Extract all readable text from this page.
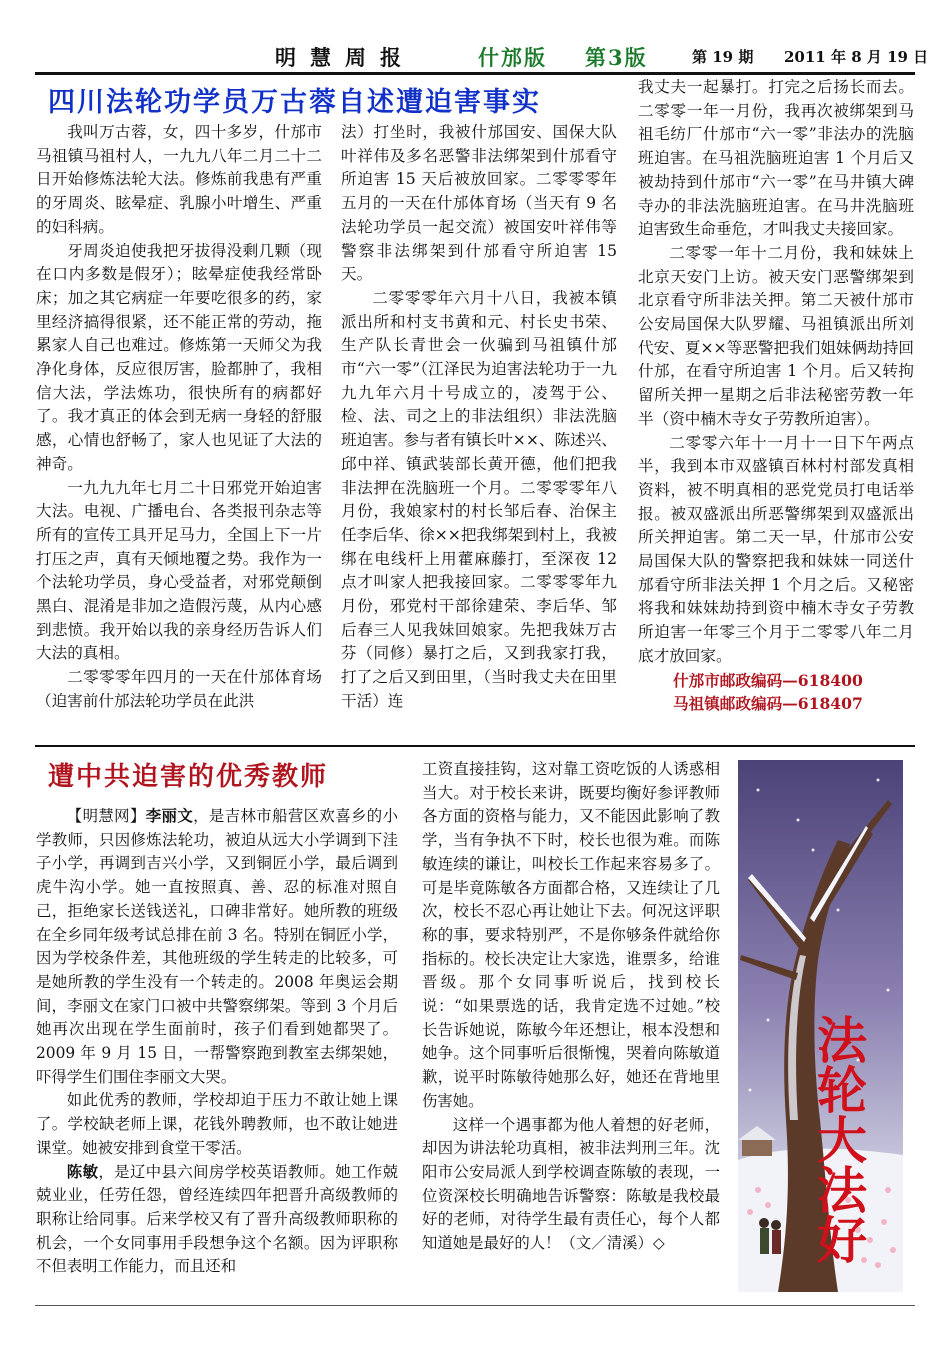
明慧周报	什邡版 第3版	第 19 期 2011 年 8 月 19 日
四川法轮功学员万古蓉自述遭迫害事实

我叫万古蓉，女，四十多岁，什邡市马祖镇马祖村人，一九九八年二月二十二日开始修炼法轮大法。修炼前我患有严重的牙周炎、眩晕症、乳腺小叶增生、严重的妇科病。

牙周炎迫使我把牙拔得没剩几颗（现在口内多数是假牙）；眩晕症使我经常卧床；加之其它病症一年要吃很多的药，家里经济搞得很紧，还不能正常的劳动，拖累家人自己也难过。修炼第一天师父为我净化身体，反应很厉害，脸都肿了，我相信大法，学法炼功，很快所有的病都好了。我才真正的体会到无病一身轻的舒服感，心情也舒畅了，家人也见证了大法的神奇。

一九九九年七月二十日邪党开始迫害大法。电视、广播电台、各类报刊杂志等所有的宣传工具开足马力，全国上下一片打压之声，真有天倾地覆之势。我作为一个法轮功学员，身心受益者，对邪党颠倒黑白、混淆是非加之造假污蔑，从内心感到悲愤。我开始以我的亲身经历告诉人们大法的真相。

二零零零年四月的一天在什邡体育场（迫害前什邡法轮功学员在此洪

法）打坐时，我被什邡国安、国保大队叶祥伟及多名恶警非法绑架到什邡看守所迫害 15 天后被放回家。二零零零年五月的一天在什邡体育场（当天有 9 名法轮功学员一起交流）被国安叶祥伟等警察非法绑架到什邡看守所迫害 15 天。

二零零零年六月十八日，我被本镇派出所和村支书黄和元、村长史书荣、生产队长青世会一伙骗到马祖镇什邡市“六一零”（江泽民为迫害法轮功于一九九九年六月十号成立的，凌驾于公、检、法、司之上的非法组织）非法洗脑班迫害。参与者有镇长叶××、陈述兴、邱中祥、镇武装部长黄开德，他们把我非法押在洗脑班一个月。二零零零年八月份，我娘家村的村长邹后春、治保主任李后华、徐××把我绑架到村上，我被绑在电线杆上用藿麻藤打，至深夜 12 点才叫家人把我接回家。二零零零年九月份，邪党村干部徐建荣、李后华、邹后春三人见我妹回娘家。先把我妹万古芬（同修）暴打之后，又到我家打我，打了之后又到田里，（当时我丈夫在田里干活）连

我丈夫一起暴打。打完之后扬长而去。二零零一年一月份，我再次被绑架到马祖毛纺厂什邡市“六一零”非法办的洗脑班迫害。在马祖洗脑班迫害 1 个月后又被劫持到什邡市“六一零”在马井镇大碑寺办的非法洗脑班迫害。在马井洗脑班迫害致生命垂危，才叫我丈夫接回家。

二零零一年十二月份，我和妹妹上北京天安门上访。被天安门恶警绑架到北京看守所非法关押。第二天被什邡市公安局国保大队罗耀、马祖镇派出所刘代安、夏××等恶警把我们姐妹俩劫持回什邡，在看守所迫害 1 个月。后又转拘留所关押一星期之后非法秘密劳教一年半（资中楠木寺女子劳教所迫害）。

二零零六年十一月十一日下午两点半，我到本市双盛镇百林村村部发真相资料，被不明真相的恶党党员打电话举报。被双盛派出所恶警绑架到双盛派出所关押迫害。第二天一早，什邡市公安局国保大队的警察把我和妹妹一同送什邡看守所非法关押 1 个月之后。又秘密将我和妹妹劫持到资中楠木寺女子劳教所迫害一年零三个月于二零零八年二月底才放回家。

什邡市邮政编码—618400
马祖镇邮政编码—618407
遭中共迫害的优秀教师

【明慧网】李丽文，是吉林市船营区欢喜乡的小学教师，只因修炼法轮功，被迫从远大小学调到下洼子小学，再调到吉兴小学，又到铜匠小学，最后调到虎牛沟小学。她一直按照真、善、忍的标准对照自己，拒绝家长送钱送礼，口碑非常好。她所教的班级在全乡同年级考试总排在前 3 名。特别在铜匠小学，因为学校条件差，其他班级的学生转走的比较多，可是她所教的学生没有一个转走的。2008 年奥运会期间，李丽文在家门口被中共警察绑架。等到 3 个月后她再次出现在学生面前时，孩子们看到她都哭了。2009 年 9 月 15 日，一帮警察跑到教室去绑架她，吓得学生们围住李丽文大哭。

如此优秀的教师，学校却迫于压力不敢让她上课了。学校缺老师上课，花钱外聘教师，也不敢让她进课堂。她被安排到食堂干零活。

陈敏，是辽中县六间房学校英语教师。她工作兢兢业业，任劳任怨，曾经连续四年把晋升高级教师的职称让给同事。后来学校又有了晋升高级教师职称的机会，一个女同事用手段想争这个名额。因为评职称不但表明工作能力，而且还和

工资直接挂钩，这对靠工资吃饭的人诱惑相当大。对于校长来讲，既要均衡好参评教师各方面的资格与能力，又不能因此影响了教学，当有争执不下时，校长也很为难。而陈敏连续的谦让，叫校长工作起来容易多了。可是毕竟陈敏各方面都合格，又连续让了几次，校长不忍心再让她让下去。何况这评职称的事，要求特别严，不是你够条件就给你指标的。校长决定让大家选，谁票多，给谁晋级。那个女同事听说后，找到校长说：“如果票选的话，我肯定选不过她。”校长告诉她说，陈敏今年还想让，根本没想和她争。这个同事听后很惭愧，哭着向陈敏道歉，说平时陈敏待她那么好，她还在背地里伤害她。

这样一个遇事都为他人着想的好老师，却因为讲法轮功真相，被非法判刑三年。沈阳市公安局派人到学校调查陈敏的表现，一位资深校长明确地告诉警察：陈敏是我校最好的老师，对待学生最有责任心，每个人都知道她是最好的人！（文／清溪）◇	法轮大法好
